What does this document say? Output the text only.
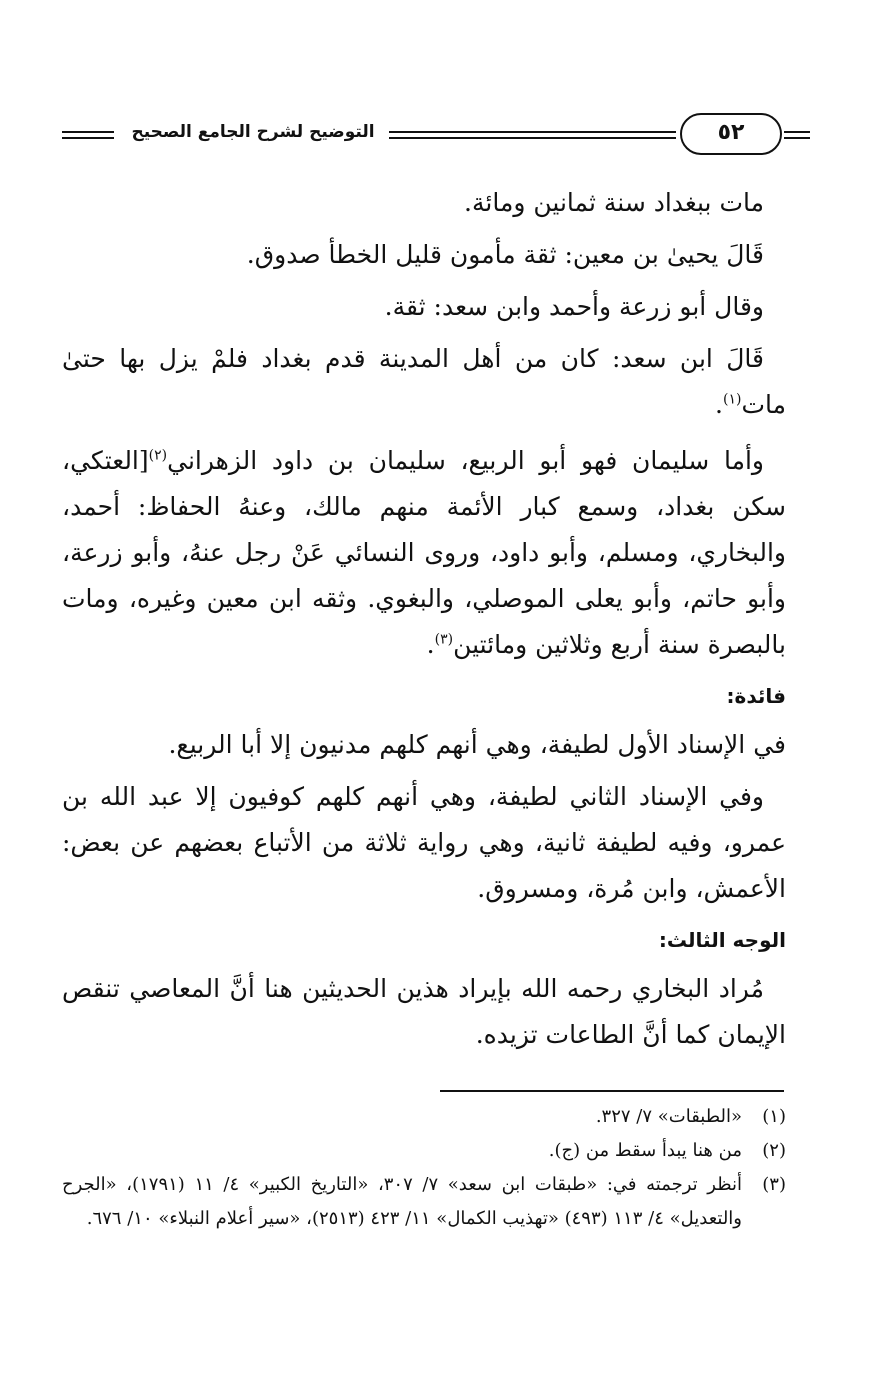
التوضيح لشرح الجامع الصحيح	٥٢

مات ببغداد سنة ثمانين ومائة.

قَالَ يحيىٰ بن معين: ثقة مأمون قليل الخطأ صدوق.

وقال أبو زرعة وأحمد وابن سعد: ثقة.

قَالَ ابن سعد: كان من أهل المدينة قدم بغداد فلمْ يزل بها حتىٰ مات$^{(١)}$.

وأما سليمان فهو أبو الربيع، سليمان بن داود الزهراني$^{(٢)}$[العتكي، سكن بغداد، وسمع كبار الأئمة منهم مالك، وعنهُ الحفاظ: أحمد، والبخاري، ومسلم، وأبو داود، وروى النسائي عَنْ رجل عنهُ، وأبو زرعة، وأبو حاتم، وأبو يعلى الموصلي، والبغوي. وثقه ابن معين وغيره، ومات بالبصرة سنة أربع وثلاثين ومائتين$^{(٣)}$.

فائدة:

في الإسناد الأول لطيفة، وهي أنهم كلهم مدنيون إلا أبا الربيع.

وفي الإسناد الثاني لطيفة، وهي أنهم كلهم كوفيون إلا عبد الله بن عمرو، وفيه لطيفة ثانية، وهي رواية ثلاثة من الأتباع بعضهم عن بعض: الأعمش، وابن مُرة، ومسروق.

الوجه الثالث:

مُراد البخاري رحمه الله بإيراد هذين الحديثين هنا أنَّ المعاصي تنقص الإيمان كما أنَّ الطاعات تزيده.

(١)
«الطبقات» ٧/ ٣٢٧.
(٢)
من هنا يبدأ سقط من (ج).
(٣)
أنظر ترجمته في: «طبقات ابن سعد» ٧/ ٣٠٧، «التاريخ الكبير» ٤/ ١١ (١٧٩١)، «الجرح والتعديل» ٤/ ١١٣ (٤٩٣) «تهذيب الكمال» ١١/ ٤٢٣ (٢٥١٣)، «سير أعلام النبلاء» ١٠/ ٦٧٦.
